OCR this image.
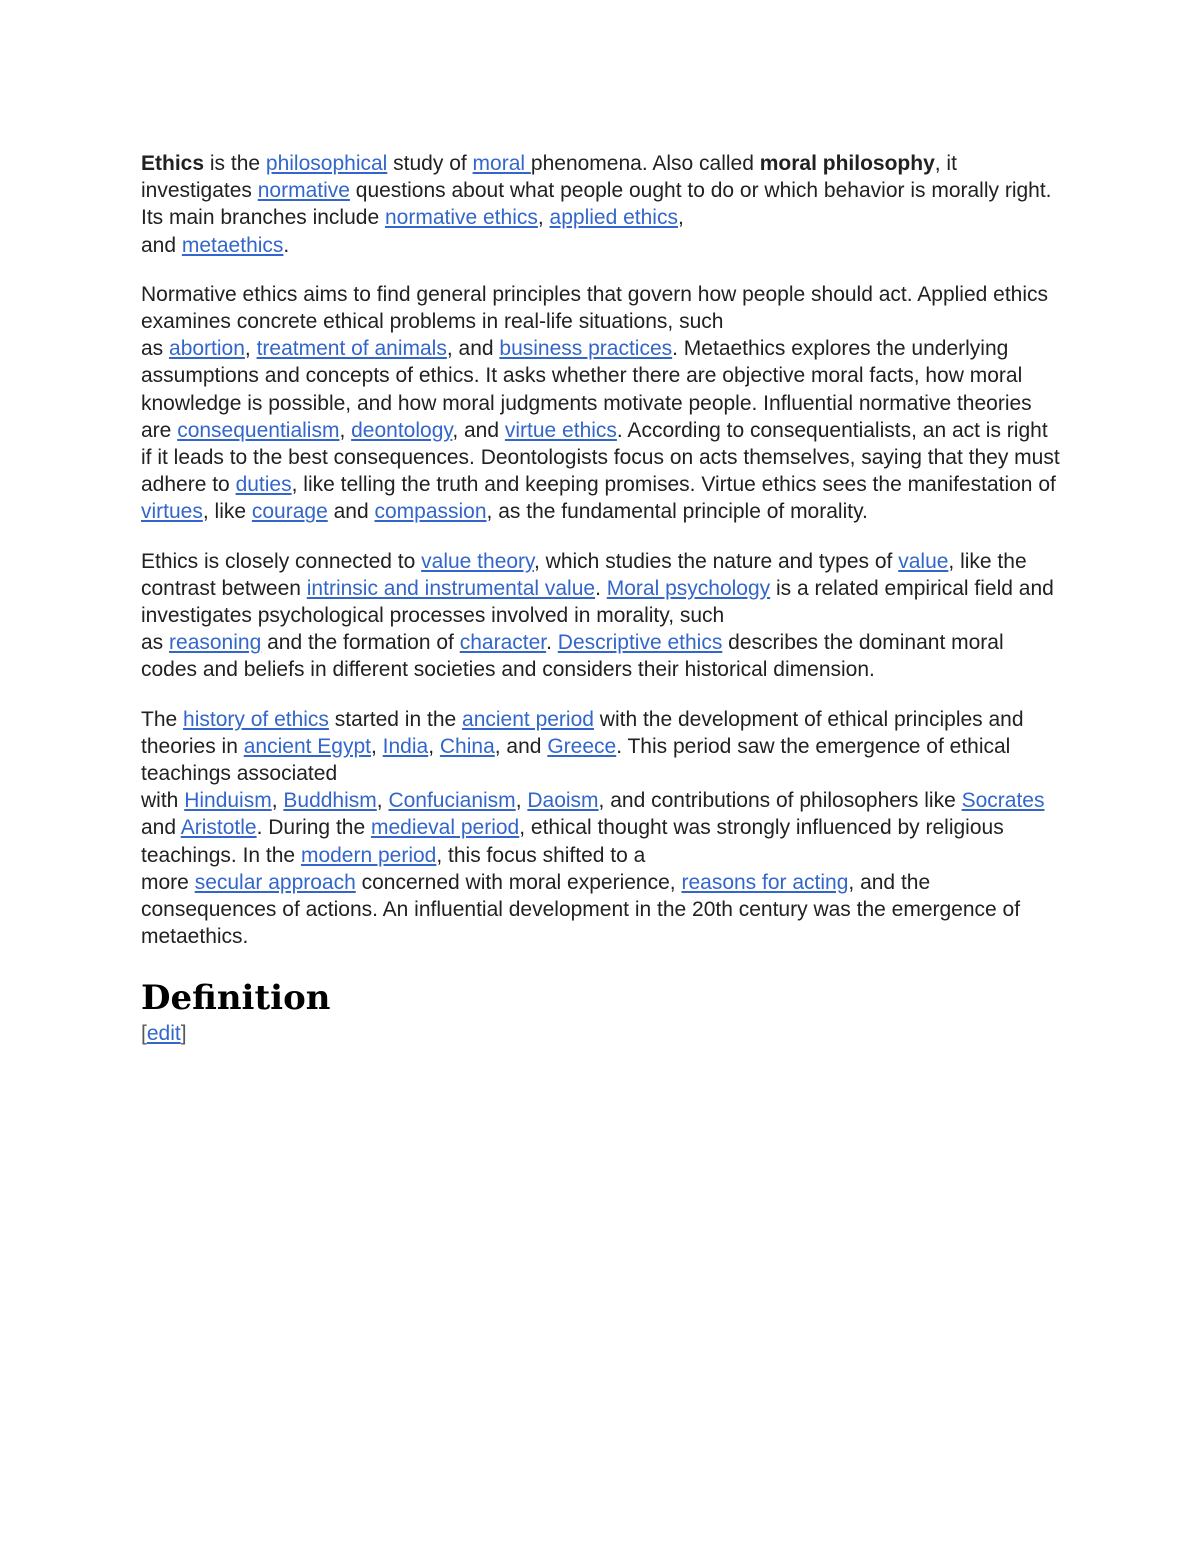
Ethics is the philosophical study of moral phenomena. Also called moral philosophy, it investigates normative questions about what people ought to do or which behavior is morally right. Its main branches include normative ethics, applied ethics,
and metaethics.

Normative ethics aims to find general principles that govern how people should act. Applied ethics examines concrete ethical problems in real-life situations, such
as abortion, treatment of animals, and business practices. Metaethics explores the underlying assumptions and concepts of ethics. It asks whether there are objective moral facts, how moral knowledge is possible, and how moral judgments motivate people. Influential normative theories are consequentialism, deontology, and virtue ethics. According to consequentialists, an act is right if it leads to the best consequences. Deontologists focus on acts themselves, saying that they must adhere to duties, like telling the truth and keeping promises. Virtue ethics sees the manifestation of virtues, like courage and compassion, as the fundamental principle of morality.

Ethics is closely connected to value theory, which studies the nature and types of value, like the contrast between intrinsic and instrumental value. Moral psychology is a related empirical field and investigates psychological processes involved in morality, such
as reasoning and the formation of character. Descriptive ethics describes the dominant moral codes and beliefs in different societies and considers their historical dimension.

The history of ethics started in the ancient period with the development of ethical principles and theories in ancient Egypt, India, China, and Greece. This period saw the emergence of ethical teachings associated
with Hinduism, Buddhism, Confucianism, Daoism, and contributions of philosophers like Socrates and Aristotle. During the medieval period, ethical thought was strongly influenced by religious teachings. In the modern period, this focus shifted to a
more secular approach concerned with moral experience, reasons for acting, and the consequences of actions. An influential development in the 20th century was the emergence of metaethics.

Definition
[edit]
